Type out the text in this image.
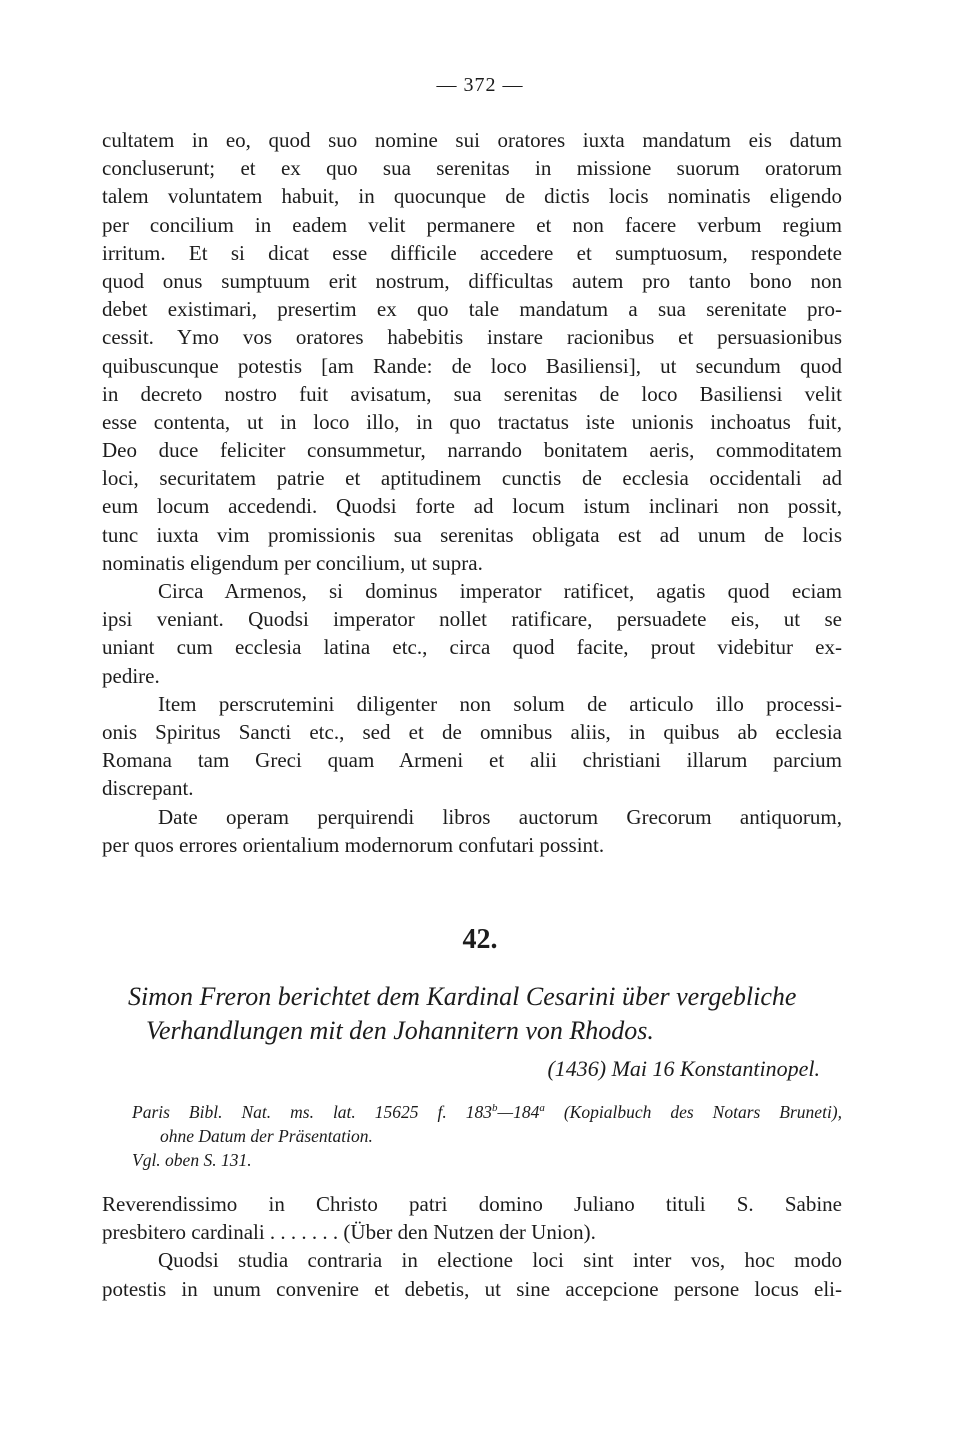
— 372 —
cultatem in eo, quod suo nomine sui oratores iuxta mandatum eis datum
concluserunt; et ex quo sua serenitas in missione suorum oratorum
talem voluntatem habuit, in quocunque de dictis locis nominatis eligendo
per concilium in eadem velit permanere et non facere verbum regium
irritum. Et si dicat esse difficile accedere et sumptuosum, respondete
quod onus sumptuum erit nostrum, difficultas autem pro tanto bono non
debet existimari, presertim ex quo tale mandatum a sua serenitate pro-
cessit. Ymo vos oratores habebitis instare racionibus et persuasionibus
quibuscunque potestis [am Rande: de loco Basiliensi], ut secundum quod
in decreto nostro fuit avisatum, sua serenitas de loco Basiliensi velit
esse contenta, ut in loco illo, in quo tractatus iste unionis inchoatus fuit,
Deo duce feliciter consummetur, narrando bonitatem aeris, commoditatem
loci, securitatem patrie et aptitudinem cunctis de ecclesia occidentali ad
eum locum accedendi. Quodsi forte ad locum istum inclinari non possit,
tunc iuxta vim promissionis sua serenitas obligata est ad unum de locis
nominatis eligendum per concilium, ut supra.
Circa Armenos, si dominus imperator ratificet, agatis quod eciam
ipsi veniant. Quodsi imperator nollet ratificare, persuadete eis, ut se
uniant cum ecclesia latina etc., circa quod facite, prout videbitur ex-
pedire.
Item perscrutemini diligenter non solum de articulo illo processi-
onis Spiritus Sancti etc., sed et de omnibus aliis, in quibus ab ecclesia
Romana tam Greci quam Armeni et alii christiani illarum parcium
discrepant.
Date operam perquirendi libros auctorum Grecorum antiquorum,
per quos errores orientalium modernorum confutari possint.
42.
Simon Freron berichtet dem Kardinal Cesarini über vergebliche
Verhandlungen mit den Johannitern von Rhodos.
(1436) Mai 16 Konstantinopel.
Paris Bibl. Nat. ms. lat. 15625 f. 183$^b$—184$^a$ (Kopialbuch des Notars Bruneti),
ohne Datum der Präsentation.
Vgl. oben S. 131.
Reverendissimo in Christo patri domino Juliano tituli S. Sabine
presbitero cardinali . . . . . . . (Über den Nutzen der Union).
Quodsi studia contraria in electione loci sint inter vos, hoc modo
potestis in unum convenire et debetis, ut sine accepcione persone locus eli-
